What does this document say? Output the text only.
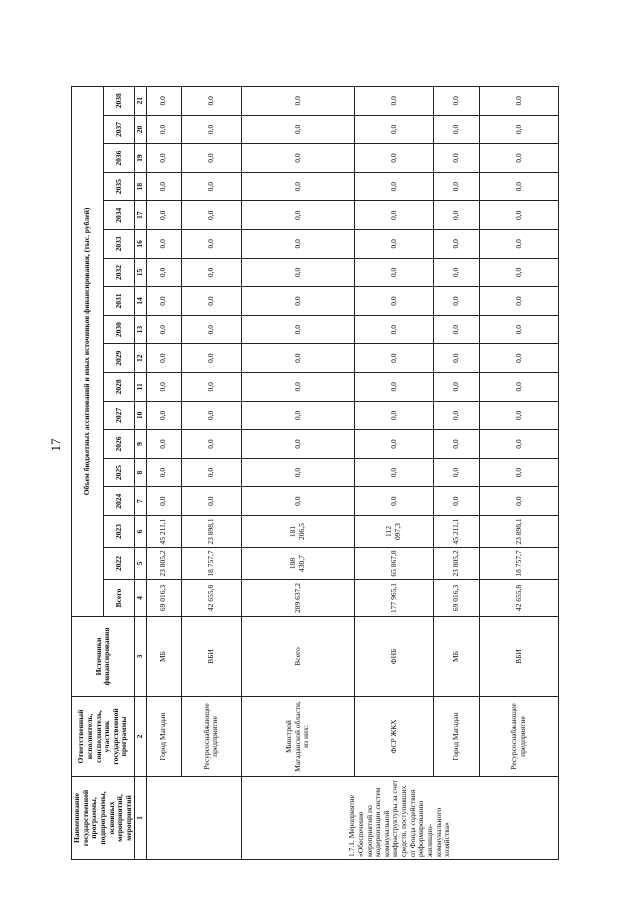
17
Наименование государственной программы, подпрограммы, основных мероприятий, мероприятий	Ответственный исполнитель, соисполнитель, участник государственной программы	Источники финансирования	Объем бюджетных ассигнований и иных источников финансирования, (тыс. рублей)																	
			Всего	2022	2023	2024	2025	2026	2027	2028	2029	2030	2031	2032	2033	2034	2035	2036	2037	2038
1	2	3	4	5	6	7	8	9	10	11	12	13	14	15	16	17	18	19	20	21
	Город Магадан	МБ	69 016,3	23 805,2	45 211,1	0,0	0,0	0,0	0,0	0,0	0,0	0,0	0,0	0,0	0,0	0,0	0,0	0,0	0,0	0,0
	Ресурсоснабжающее предприятие	ВБИ	42 655,8	18 757,7	23 898,1	0,0	0,0	0,0	0,0	0,0	0,0	0,0	0,0	0,0	0,0	0,0	0,0	0,0	0,0	0,0
1.7.1. Мероприятие «Обеспечение мероприятий по модернизации систем коммунальной инфраструктуры за счет средств, поступивших от Фонда содействия реформированию жилищно-коммунального хозяйства»	Минстрой Магаданской области, из них:	Всего	289 637,2	108 430,7	181 206,5	0,0	0,0	0,0	0,0	0,0	0,0	0,0	0,0	0,0	0,0	0,0	0,0	0,0	0,0	0,0
	ФСР ЖКХ	ФНБ	177 965,1	65 867,8	112 097,3	0,0	0,0	0,0	0,0	0,0	0,0	0,0	0,0	0,0	0,0	0,0	0,0	0,0	0,0	0,0
	Город Магадан	МБ	69 016,3	23 805,2	45 211,1	0,0	0,0	0,0	0,0	0,0	0,0	0,0	0,0	0,0	0,0	0,0	0,0	0,0	0,0	0,0
	Ресурсоснабжающее предприятие	ВБИ	42 655,8	18 757,7	23 898,1	0,0	0,0	0,0	0,0	0,0	0,0	0,0	0,0	0,0	0,0	0,0	0,0	0,0	0,0	0,0
